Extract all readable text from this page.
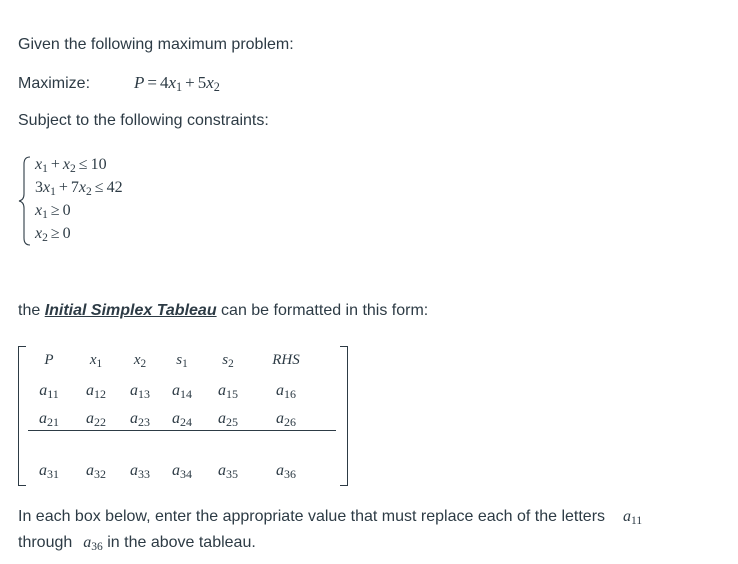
Given the following maximum problem:
Maximize:	$P = 4x_1 + 5x_2$
Subject to the following constraints:
$x_1 + x_2 \le 10$
$3x_1 + 7x_2 \le 42$
$x_1 \ge 0$
$x_2 \ge 0$
the Initial Simplex Tableau can be formatted in this form:
P	$x_1$	$x_2$	$s_1$	$s_2$	RHS
$a_{11}$	$a_{12}$	$a_{13}$	$a_{14}$	$a_{15}$	$a_{16}$
$a_{21}$	$a_{22}$	$a_{23}$	$a_{24}$	$a_{25}$	$a_{26}$
$a_{31}$	$a_{32}$	$a_{33}$	$a_{34}$	$a_{35}$	$a_{36}$
In each box below, enter the appropriate value that must replace each of the letters $a_{11}$
through $a_{36}$ in the above tableau.
